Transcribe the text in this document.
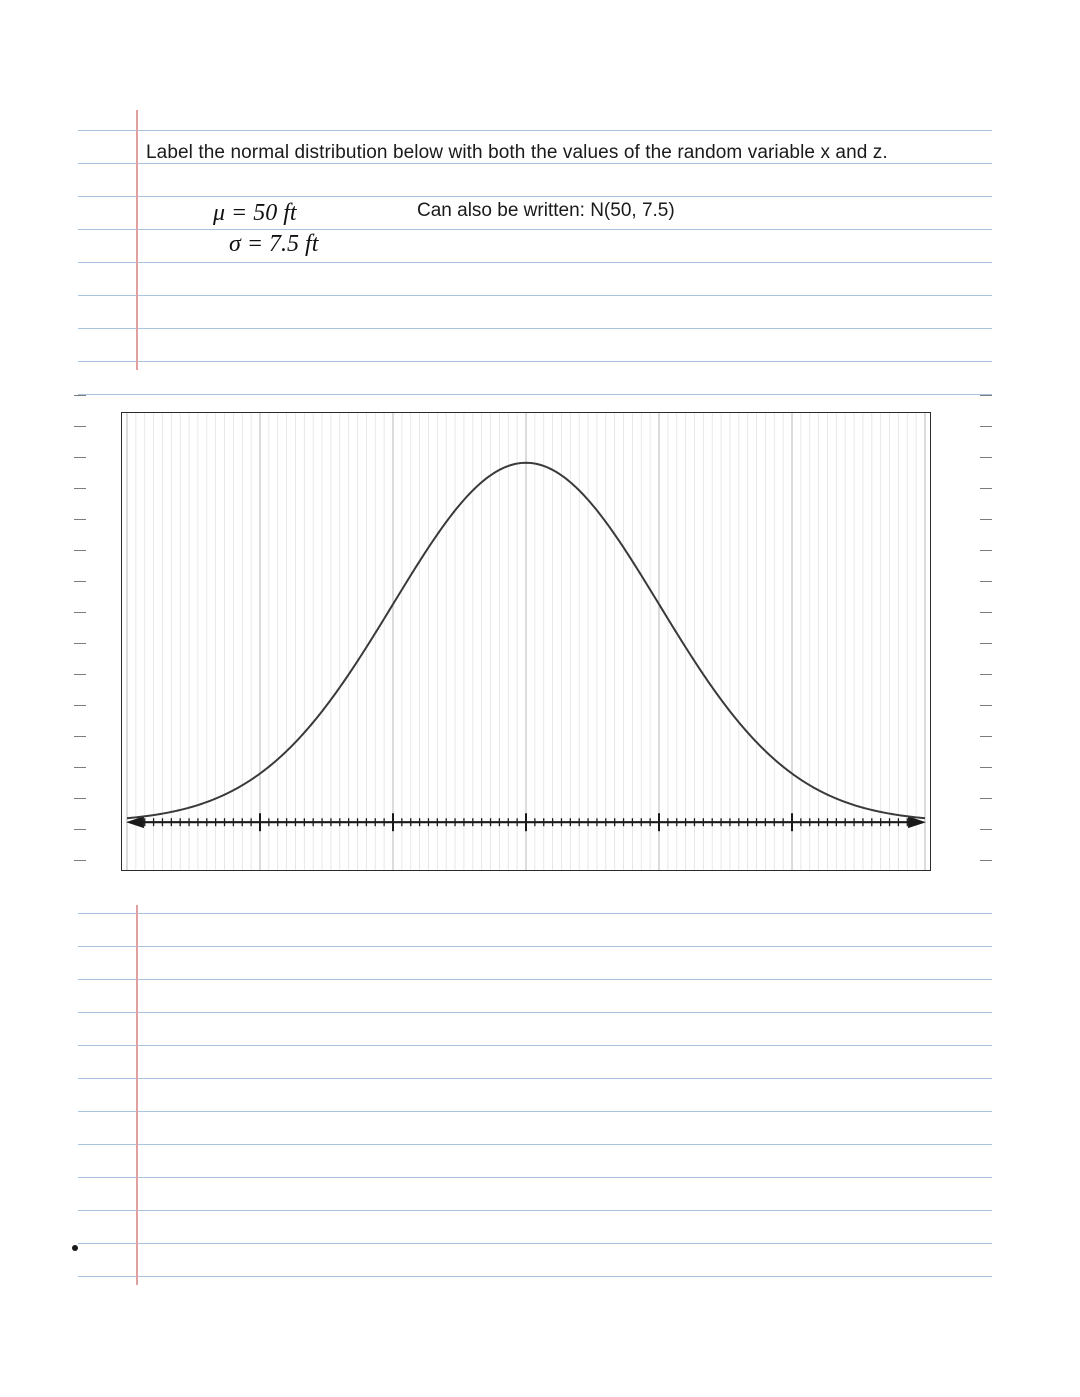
Label the normal distribution below with both the values of the random variable x and z.
μ = 50 ft
σ = 7.5 ft
Can also be written: N(50, 7.5)
